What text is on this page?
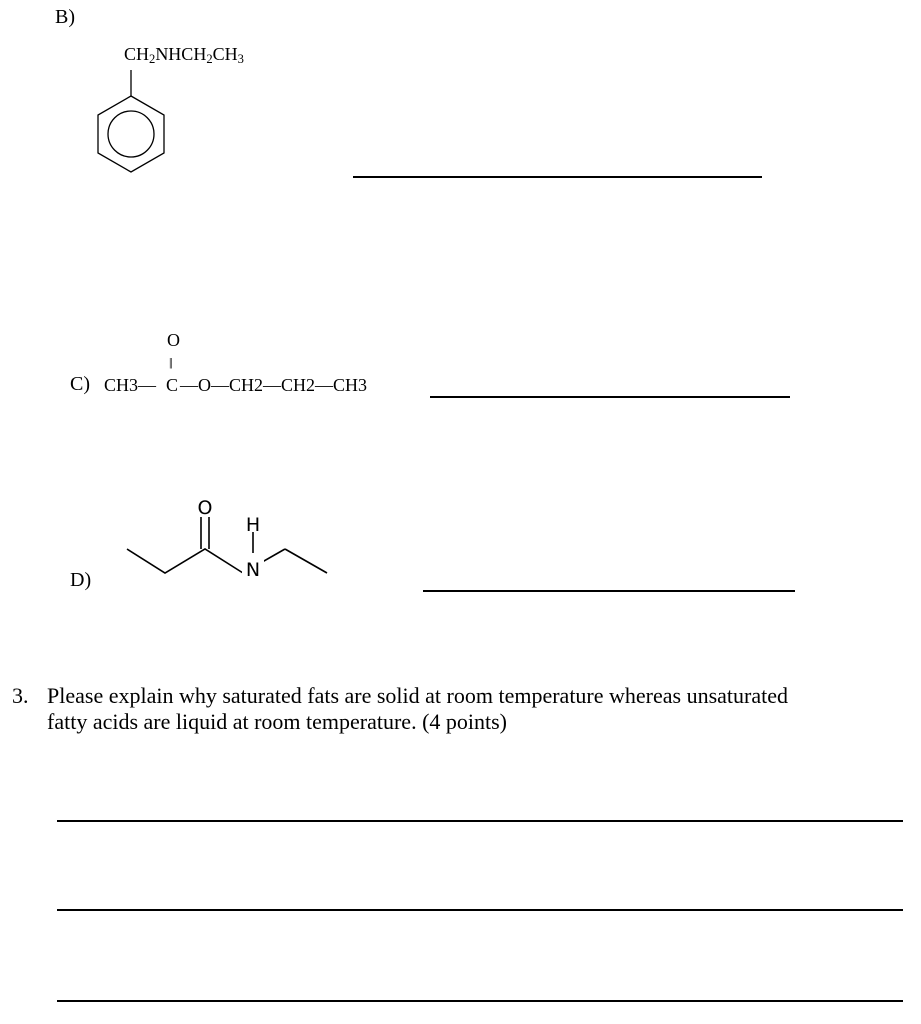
B)
$CH_2NHCH_2CH_3$
O
||
C) CH3— C —O—CH2—CH2—CH3
O
H
N
D)
3. Please explain why saturated fats are solid at room temperature whereas unsaturated
fatty acids are liquid at room temperature. (4 points)
